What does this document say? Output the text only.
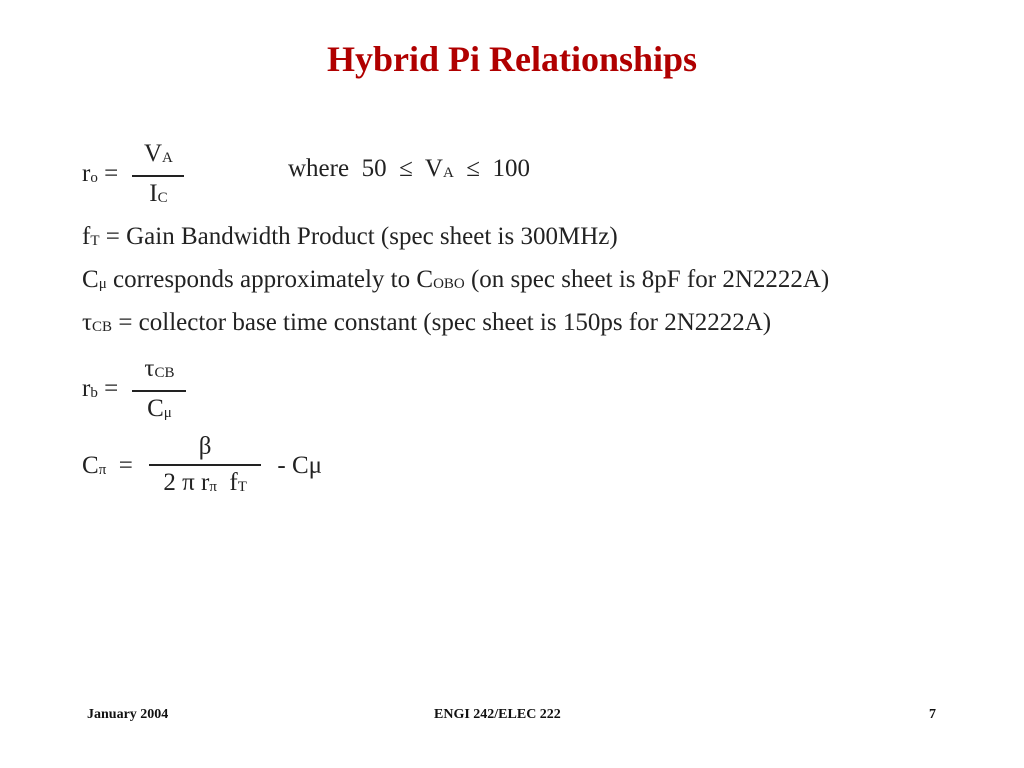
Hybrid Pi Relationships
ro = $\frac{VA}{IC}$	where 50 ≤ VA ≤ 100
fT = Gain Bandwidth Product (spec sheet is 300MHz)
Cμ corresponds approximately to COBO (on spec sheet is 8pF for 2N2222A)
τCB = collector base time constant (spec sheet is 150ps for 2N2222A)
rb = $\frac{\text{τCB}}{C\mu}$
$C\pi = \frac{\beta}{\text{2 π rπ fT}} - C\mu$
January 2004	ENGI 242/ELEC 222	7
